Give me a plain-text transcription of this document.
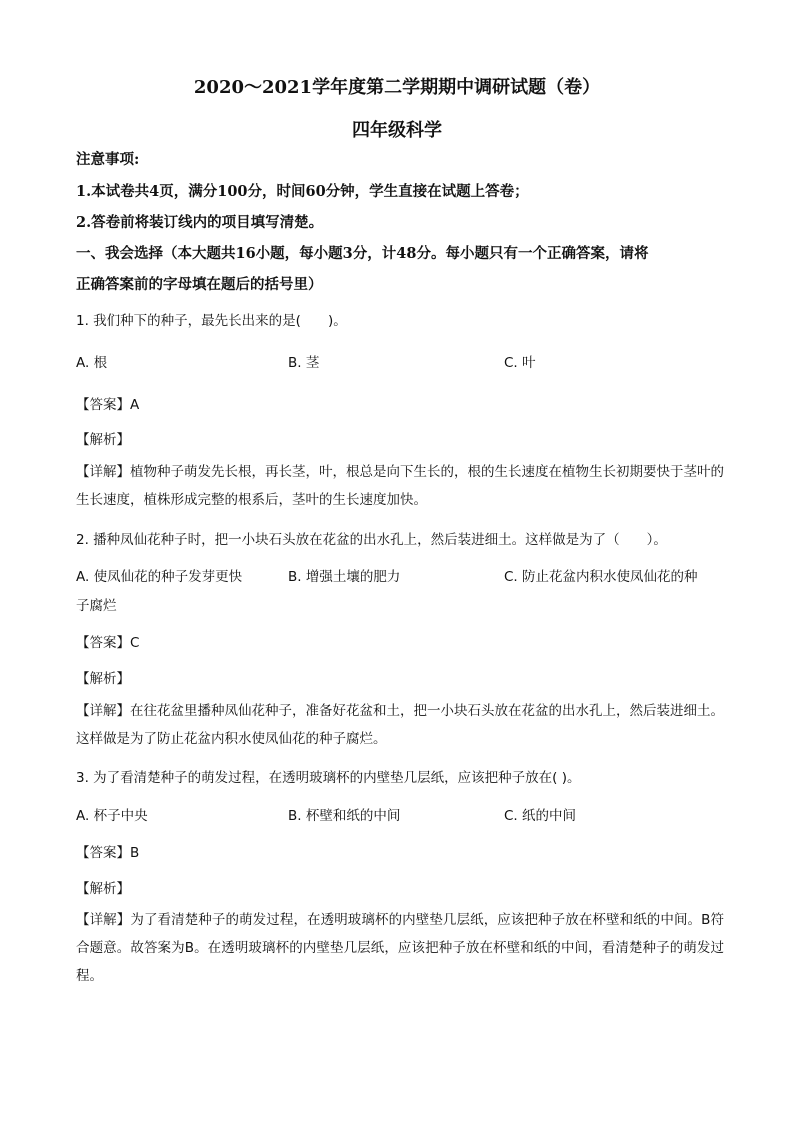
2020～2021学年度第二学期期中调研试题（卷）
四年级科学
注意事项:
1.本试卷共4页，满分100分，时间60分钟，学生直接在试题上答卷；
2.答卷前将装订线内的项目填写清楚。
一、我会选择（本大题共16小题，每小题3分，计48分。每小题只有一个正确答案，请将
正确答案前的字母填在题后的括号里）
1. 我们种下的种子，最先长出来的是(　　)。
A. 根	B. 茎	C. 叶
【答案】A
【解析】
【详解】植物种子萌发先长根，再长茎，叶，根总是向下生长的，根的生长速度在植物生长初期要快于茎叶的生长速度，植株形成完整的根系后，茎叶的生长速度加快。
2. 播种凤仙花种子时，把一小块石头放在花盆的出水孔上，然后装进细土。这样做是为了（　　）。
A. 使凤仙花的种子发芽更快	B. 增强土壤的肥力	C. 防止花盆内积水使凤仙花的种
子腐烂
【答案】C
【解析】
【详解】在往花盆里播种凤仙花种子，准备好花盆和土，把一小块石头放在花盆的出水孔上，然后装进细土。这样做是为了防止花盆内积水使凤仙花的种子腐烂。
3. 为了看清楚种子的萌发过程，在透明玻璃杯的内壁垫几层纸，应该把种子放在( )。
A. 杯子中央	B. 杯壁和纸的中间	C. 纸的中间
【答案】B
【解析】
【详解】为了看清楚种子的萌发过程，在透明玻璃杯的内壁垫几层纸，应该把种子放在杯壁和纸的中间。B符合题意。故答案为B。在透明玻璃杯的内壁垫几层纸，应该把种子放在杯壁和纸的中间，看清楚种子的萌发过程。
